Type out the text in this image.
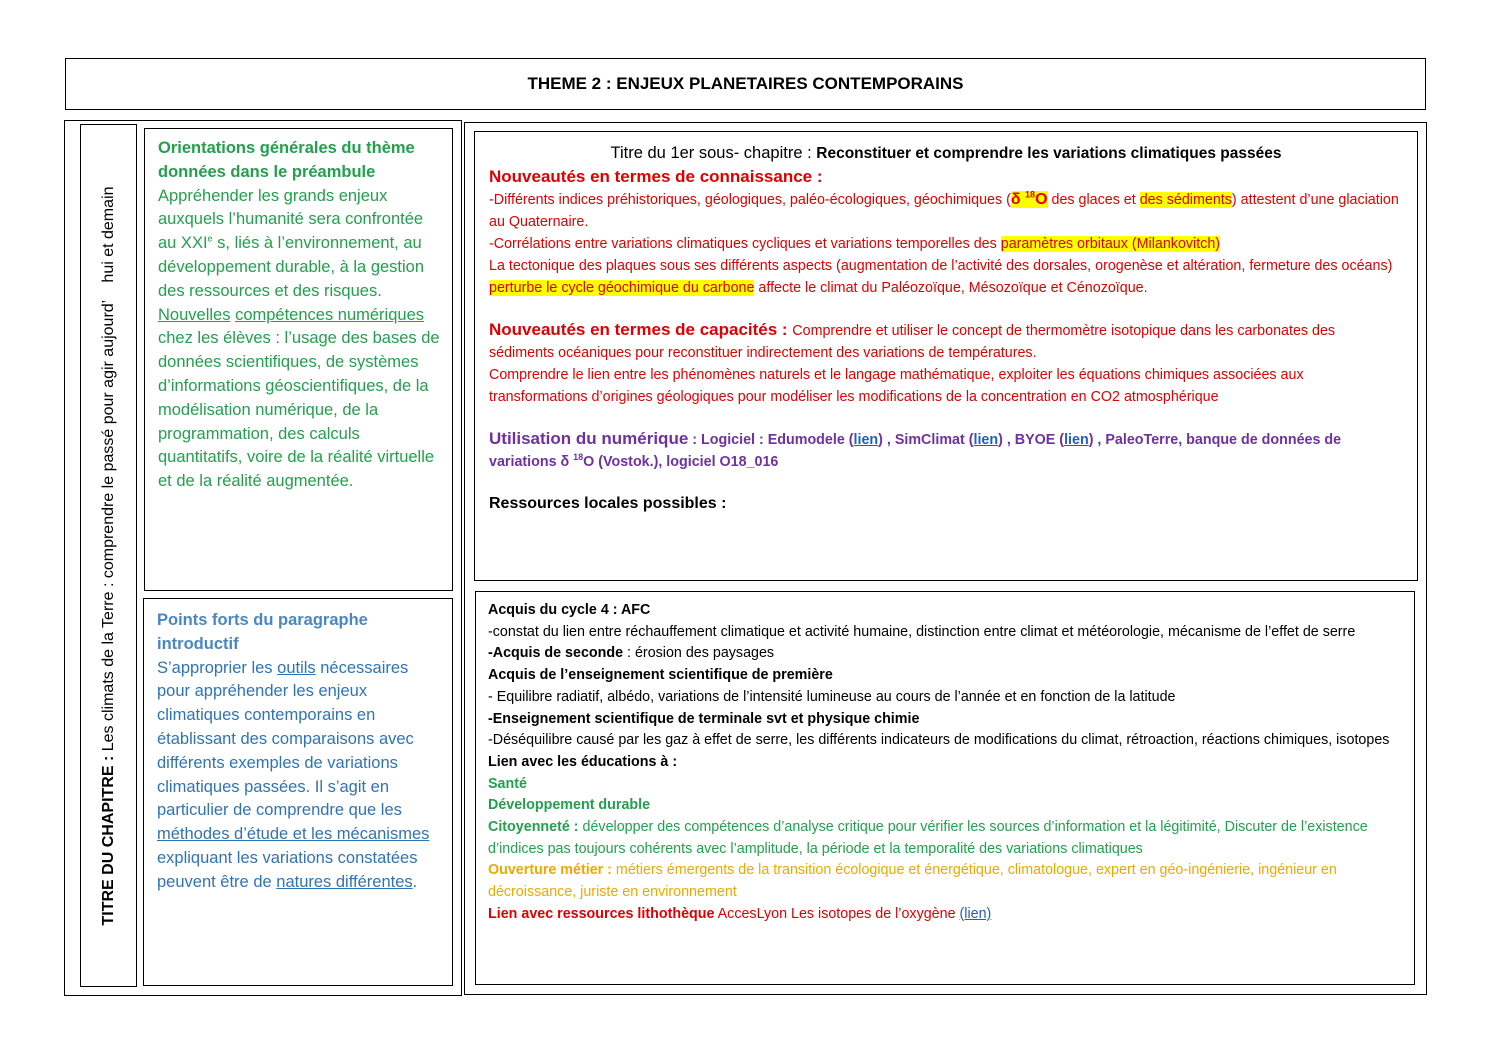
THEME 2 : ENJEUX PLANETAIRES CONTEMPORAINS
TITRE DU CHAPITRE : Les climats de la Terre : comprendre le passé pour agir aujourd’    hui et demain

Orientations générales du thème données dans le préambule

Appréhender les grands enjeux auxquels l’humanité sera confrontée au XXIe s, liés à l’environnement, au développement durable, à la gestion des ressources et des risques.

Nouvelles compétences numériques chez les élèves : l’usage des bases de données scientifiques, de systèmes d’informations géoscientifiques, de la modélisation numérique, de la programmation, des calculs quantitatifs, voire de la réalité virtuelle et de la réalité augmentée.

Points forts du paragraphe introductif

S’approprier les outils nécessaires pour appréhender les enjeux climatiques contemporains en établissant des comparaisons avec différents exemples de variations climatiques passées. Il s’agit en particulier de comprendre que les méthodes d’étude et les mécanismes expliquant les variations constatées peuvent être de natures différentes.

Titre du 1er sous- chapitre : Reconstituer et comprendre les variations climatiques passées

Nouveautés en termes de connaissance :

-Différents indices préhistoriques, géologiques, paléo-écologiques, géochimiques (δ $^{18}$O des glaces et des sédiments) attestent d’une glaciation au Quaternaire.

-Corrélations entre variations climatiques cycliques et variations temporelles des paramètres orbitaux (Milankovitch)

La tectonique des plaques sous ses différents aspects (augmentation de l’activité des dorsales, orogenèse et altération, fermeture des océans) perturbe le cycle géochimique du carbone affecte le climat du Paléozoïque, Mésozoïque et Cénozoïque.

Nouveautés en termes de capacités : Comprendre et utiliser le concept de thermomètre isotopique dans les carbonates des sédiments océaniques pour reconstituer indirectement des variations de températures.

Comprendre le lien entre les phénomènes naturels et le langage mathématique, exploiter les équations chimiques associées aux transformations d’origines géologiques pour modéliser les modifications de la concentration en CO2 atmosphérique

Utilisation du numérique : Logiciel : Edumodele (lien) , SimClimat (lien) , BYOE (lien) , PaleoTerre, banque de données de variations δ $^{18}$O (Vostok.), logiciel O18_016

Ressources locales possibles :

Acquis du cycle 4 : AFC

-constat du lien entre réchauffement climatique et activité humaine, distinction entre climat et météorologie, mécanisme de l’effet de serre

-Acquis de seconde : érosion des paysages

Acquis de l’enseignement scientifique de première

- Equilibre radiatif, albédo, variations de l’intensité lumineuse au cours de l’année et en fonction de la latitude

-Enseignement scientifique de terminale svt et physique chimie

-Déséquilibre causé par les gaz à effet de serre, les différents indicateurs de modifications du climat, rétroaction, réactions chimiques, isotopes

Lien avec les éducations à :

Santé

Développement durable

Citoyenneté : développer des compétences d’analyse critique pour vérifier les sources d’information et la légitimité, Discuter de l’existence d’indices pas toujours cohérents avec l’amplitude, la période et la temporalité des variations climatiques

Ouverture métier : métiers émergents de la transition écologique et énergétique, climatologue, expert en géo-ingénierie, ingénieur en décroissance, juriste en environnement

Lien avec ressources lithothèque AccesLyon Les isotopes de l’oxygène (lien)
